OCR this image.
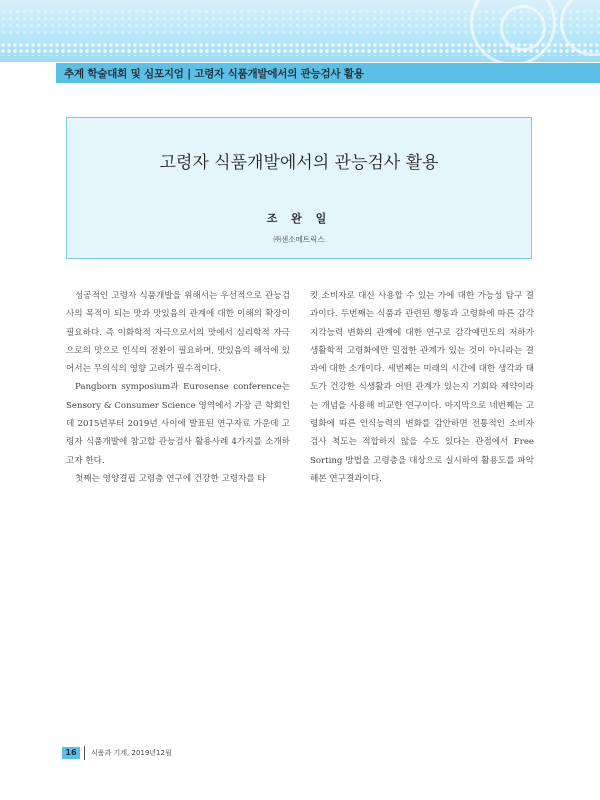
추계 학술대회 및 심포지엄 | 고령자 식품개발에서의 관능검사 활용
고령자 식품개발에서의 관능검사 활용
조 완 일
㈜센소메트릭스

성공적인 고령자 식품개발을 위해서는 우선적으로 관능검사의 목적이 되는 맛과 맛있음의 관계에 대한 이해의 확장이 필요하다. 즉 이화학적 자극으로서의 맛에서 심리학적 자극으로의 맛으로 인식의 전환이 필요하며, 맛있음의 해석에 있어서는 무의식의 영향 고려가 필수적이다.

Pangborn symposium과 Eurosense conference는 Sensory & Consumer Science 영역에서 가장 큰 학회인데 2015년부터 2019년 사이에 발표된 연구자료 가운데 고령자 식품개발에 참고할 관능검사 활용사례 4가지를 소개하고자 한다.

첫째는 영양결핍 고령층 연구에 건강한 고령자를 타

킷 소비자로 대신 사용할 수 있는 가에 대한 가능성 탐구 결과이다. 두번째는 식품과 관련된 행동과 고령화에 따른 감각 지각능력 변화의 관계에 대한 연구로 감각예민도의 저하가 생활학적 고령화에만 밀접한 관계가 있는 것이 아니라는 결과에 대한 소개이다. 세번째는 미래의 시간에 대한 생각과 태도가 건강한 식생활과 어떤 관계가 있는지 기회와 제약이라는 개념을 사용해 비교한 연구이다. 마지막으로 네번째는 고령화에 따른 인식능력의 변화를 감안하면 전통적인 소비자 검사 척도는 적합하지 않을 수도 있다는 관점에서 Free Sorting 방법을 고령층을 대상으로 실시하여 활용도를 파악해본 연구결과이다.

16	식품과 기계, 2019년12월
